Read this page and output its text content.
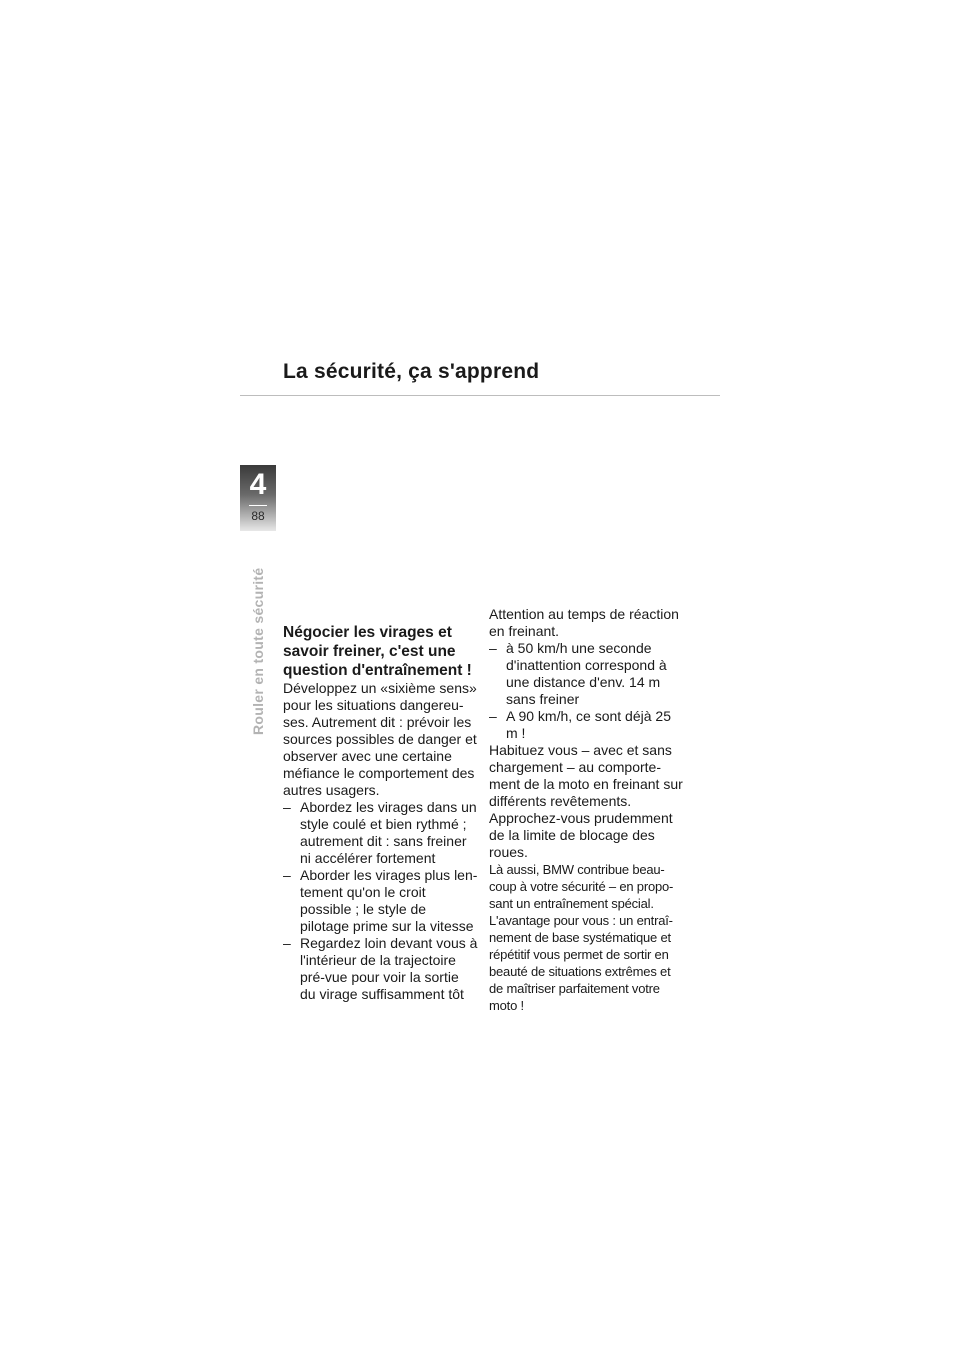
La sécurité, ça s'apprend
4
88
Rouler en toute sécurité Négocier les virages et savoir freiner, c'est une question d'entraînement !

Développez un «sixième sens» pour les situations dangereu-ses. Autrement dit : prévoir les sources possibles de danger et observer avec une certaine méfiance le comportement des autres usagers.

– Abordez les virages dans un style coulé et bien rythmé ; autrement dit : sans freiner ni accélérer fortement
– Aborder les virages plus len-tement qu'on le croit possible ; le style de pilotage prime sur la vitesse
– Regardez loin devant vous à l'intérieur de la trajectoire pré-vue pour voir la sortie du virage suffisamment tôt

Attention au temps de réaction en freinant.

– à 50 km/h une seconde d'inattention correspond à une distance d'env. 14 m sans freiner
– A 90 km/h, ce sont déjà 25 m !

Habituez vous – avec et sans chargement – au comporte-ment de la moto en freinant sur différents revêtements. Approchez-vous prudemment de la limite de blocage des roues.

Là aussi, BMW contribue beau-coup à votre sécurité – en propo-sant un entraînement spécial. L'avantage pour vous : un entraî-nement de base systématique et répétitif vous permet de sortir en beauté de situations extrêmes et de maîtriser parfaitement votre moto !
